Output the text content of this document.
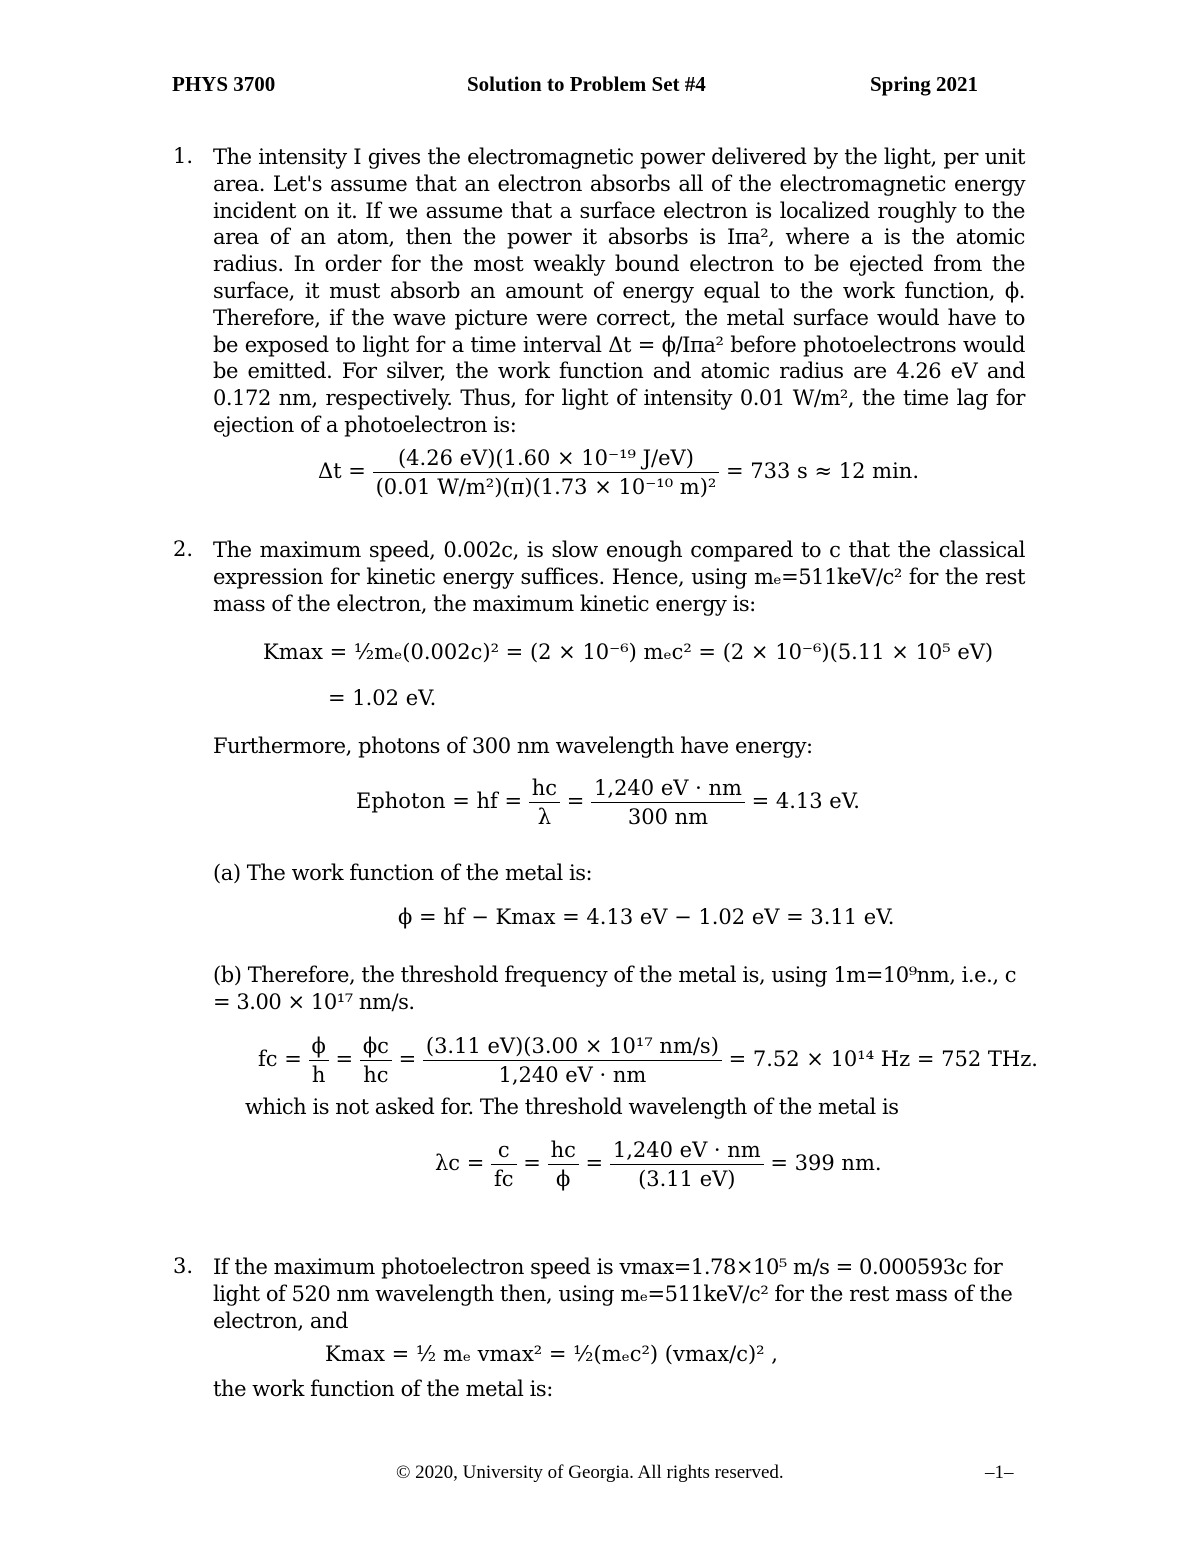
PHYS 3700	Solution to Problem Set #4	Spring 2021
1. The intensity I gives the electromagnetic power delivered by the light, per unit area. Let's assume that an electron absorbs all of the electromagnetic energy incident on it. If we assume that a surface electron is localized roughly to the area of an atom, then the power it absorbs is Iπa², where a is the atomic radius. In order for the most weakly bound electron to be ejected from the surface, it must absorb an amount of energy equal to the work function, ϕ. Therefore, if the wave picture were correct, the metal surface would have to be exposed to light for a time interval Δt = ϕ/Iπa² before photoelectrons would be emitted. For silver, the work function and atomic radius are 4.26 eV and 0.172 nm, respectively. Thus, for light of intensity 0.01 W/m², the time lag for ejection of a photoelectron is:
$\Delta t = \frac{\text{(4.26 eV)(1.60 × 10⁻¹⁹ J/eV)}}{\text{(0.01 W/m²)(π)(1.73 × 10⁻¹⁰ m)²}} = 733$ s ≈ 12 min.
2. The maximum speed, 0.002c, is slow enough compared to c that the classical expression for kinetic energy suffices. Hence, using mₑ=511keV/c² for the rest mass of the electron, the maximum kinetic energy is:
Kmax = ½mₑ(0.002c)² = (2 × 10⁻⁶) mₑc² = (2 × 10⁻⁶)(5.11 × 10⁵ eV)
= 1.02 eV.
Furthermore, photons of 300 nm wavelength have energy:
Ephoton = hf = $\frac{hc}{\lambda} = \frac{1,240 eV \cdot nm}{300 nm} = 4.13$ eV.
(a) The work function of the metal is:
ϕ = hf − Kmax = 4.13 eV − 1.02 eV = 3.11 eV.
(b) Therefore, the threshold frequency of the metal is, using 1m=10⁹nm, i.e., c = 3.00 × 10¹⁷ nm/s.
fc = $\frac{\phi}{h} = \frac{\phi c}{hc} = \frac{\text{(3.11 eV)(3.00 × 10¹⁷ nm/s)}}{1,240 eV \cdot nm} = 7.52 \times 10^{14}$ Hz = 752 THz.
which is not asked for. The threshold wavelength of the metal is
$\lambda c = \frac{c}{fc} = \frac{hc}{\phi} = \frac{1,240 eV \cdot nm}{(3.11 eV)} = 399$ nm.
3. If the maximum photoelectron speed is vmax=1.78×10⁵ m/s = 0.000593c for light of 520 nm wavelength then, using mₑ=511keV/c² for the rest mass of the electron, and
Kmax = ½ mₑ vmax² = ½(mₑc²) (vmax/c)² ,
the work function of the metal is:
© 2020, University of Georgia. All rights reserved.	–1–
